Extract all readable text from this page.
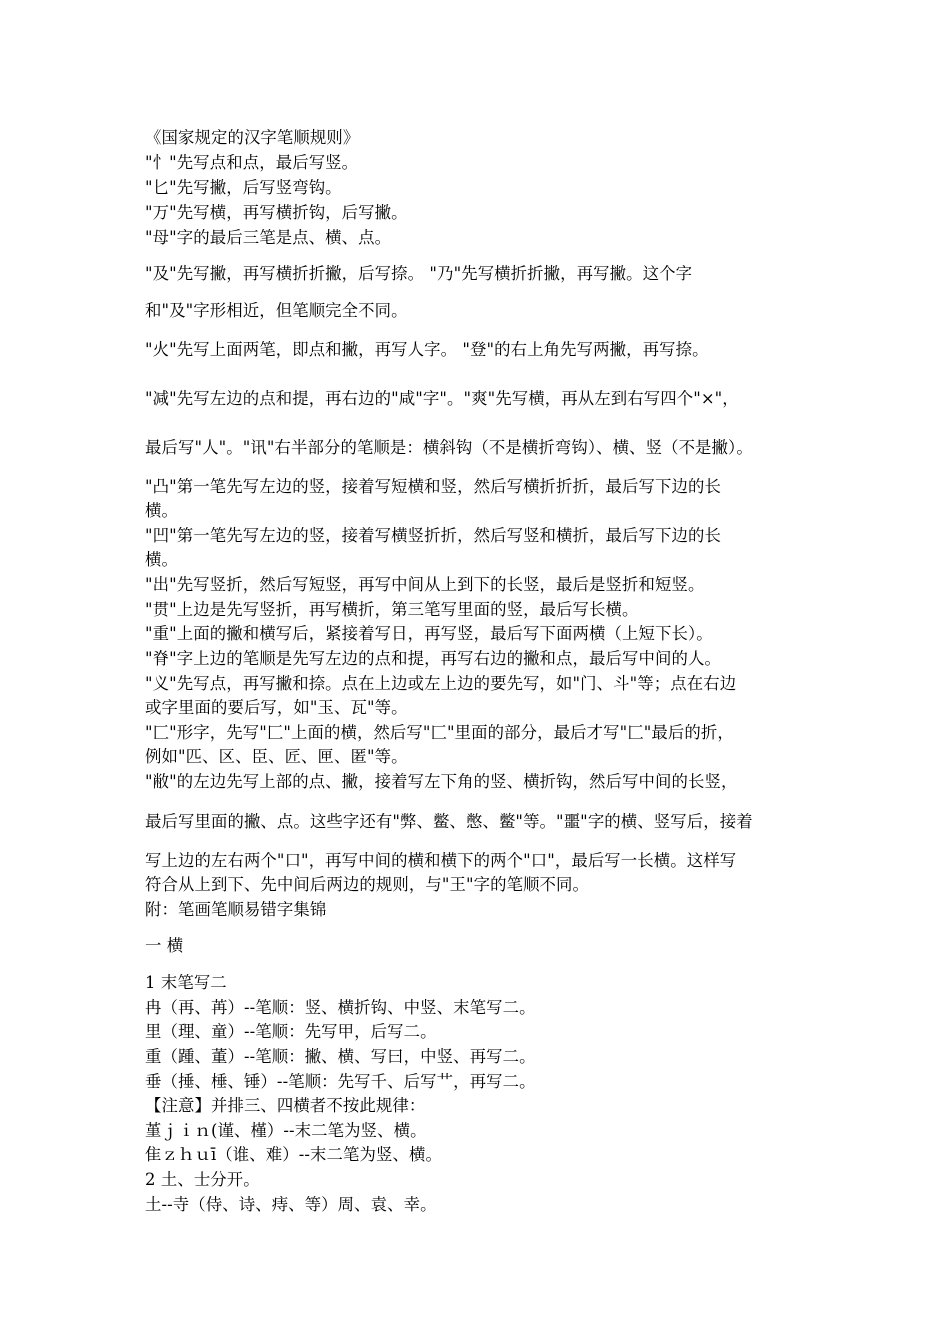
《国家规定的汉字笔顺规则》

"忄"先写点和点，最后写竖。

"匕"先写撇，后写竖弯钩。

"万"先写横，再写横折钩，后写撇。

"母"字的最后三笔是点、横、点。

"及"先写撇，再写横折折撇，后写捺。 "乃"先写横折折撇，再写撇。这个字

和"及"字形相近，但笔顺完全不同。

"火"先写上面两笔，即点和撇，再写人字。 "登"的右上角先写两撇，再写捺。

"减"先写左边的点和提，再右边的"咸"字"。"爽"先写横，再从左到右写四个"×"，

最后写"人"。"讯"右半部分的笔顺是：横斜钩（不是横折弯钩）、横、竖（不是撇）。

"凸"第一笔先写左边的竖，接着写短横和竖，然后写横折折折，最后写下边的长

横。

"凹"第一笔先写左边的竖，接着写横竖折折，然后写竖和横折，最后写下边的长

横。

"出"先写竖折，然后写短竖，再写中间从上到下的长竖，最后是竖折和短竖。

"贯"上边是先写竖折，再写横折，第三笔写里面的竖，最后写长横。

"重"上面的撇和横写后，紧接着写日，再写竖，最后写下面两横（上短下长）。

"脊"字上边的笔顺是先写左边的点和提，再写右边的撇和点，最后写中间的人。

"义"先写点，再写撇和捺。点在上边或左上边的要先写，如"门、斗"等；点在右边

或字里面的要后写，如"玉、瓦"等。

"匚"形字，先写"匚"上面的横，然后写"匚"里面的部分，最后才写"匚"最后的折，

例如"匹、区、臣、匠、匣、匿"等。

"敝"的左边先写上部的点、撇，接着写左下角的竖、横折钩，然后写中间的长竖，

最后写里面的撇、点。这些字还有"弊、鳖、憋、鳖"等。"噩"字的横、竖写后，接着

写上边的左右两个"口"，再写中间的横和横下的两个"口"，最后写一长横。这样写

符合从上到下、先中间后两边的规则，与"王"字的笔顺不同。

附：笔画笔顺易错字集锦

一 横

1 末笔写二

冉（再、苒）--笔顺：竖、横折钩、中竖、末笔写二。

里（理、童）--笔顺：先写甲，后写二。

重（踵、董）--笔顺：撇、横、写曰，中竖、再写二。

垂（捶、棰、锤）--笔顺：先写千、后写艹，再写二。

【注意】并排三、四横者不按此规律：

堇ｊｉｎ(谨、槿）--末二笔为竖、横。

隹ｚｈｕī（谁、难）--末二笔为竖、横。

2 土、士分开。

土--寺（侍、诗、痔、等）周、袁、幸。
